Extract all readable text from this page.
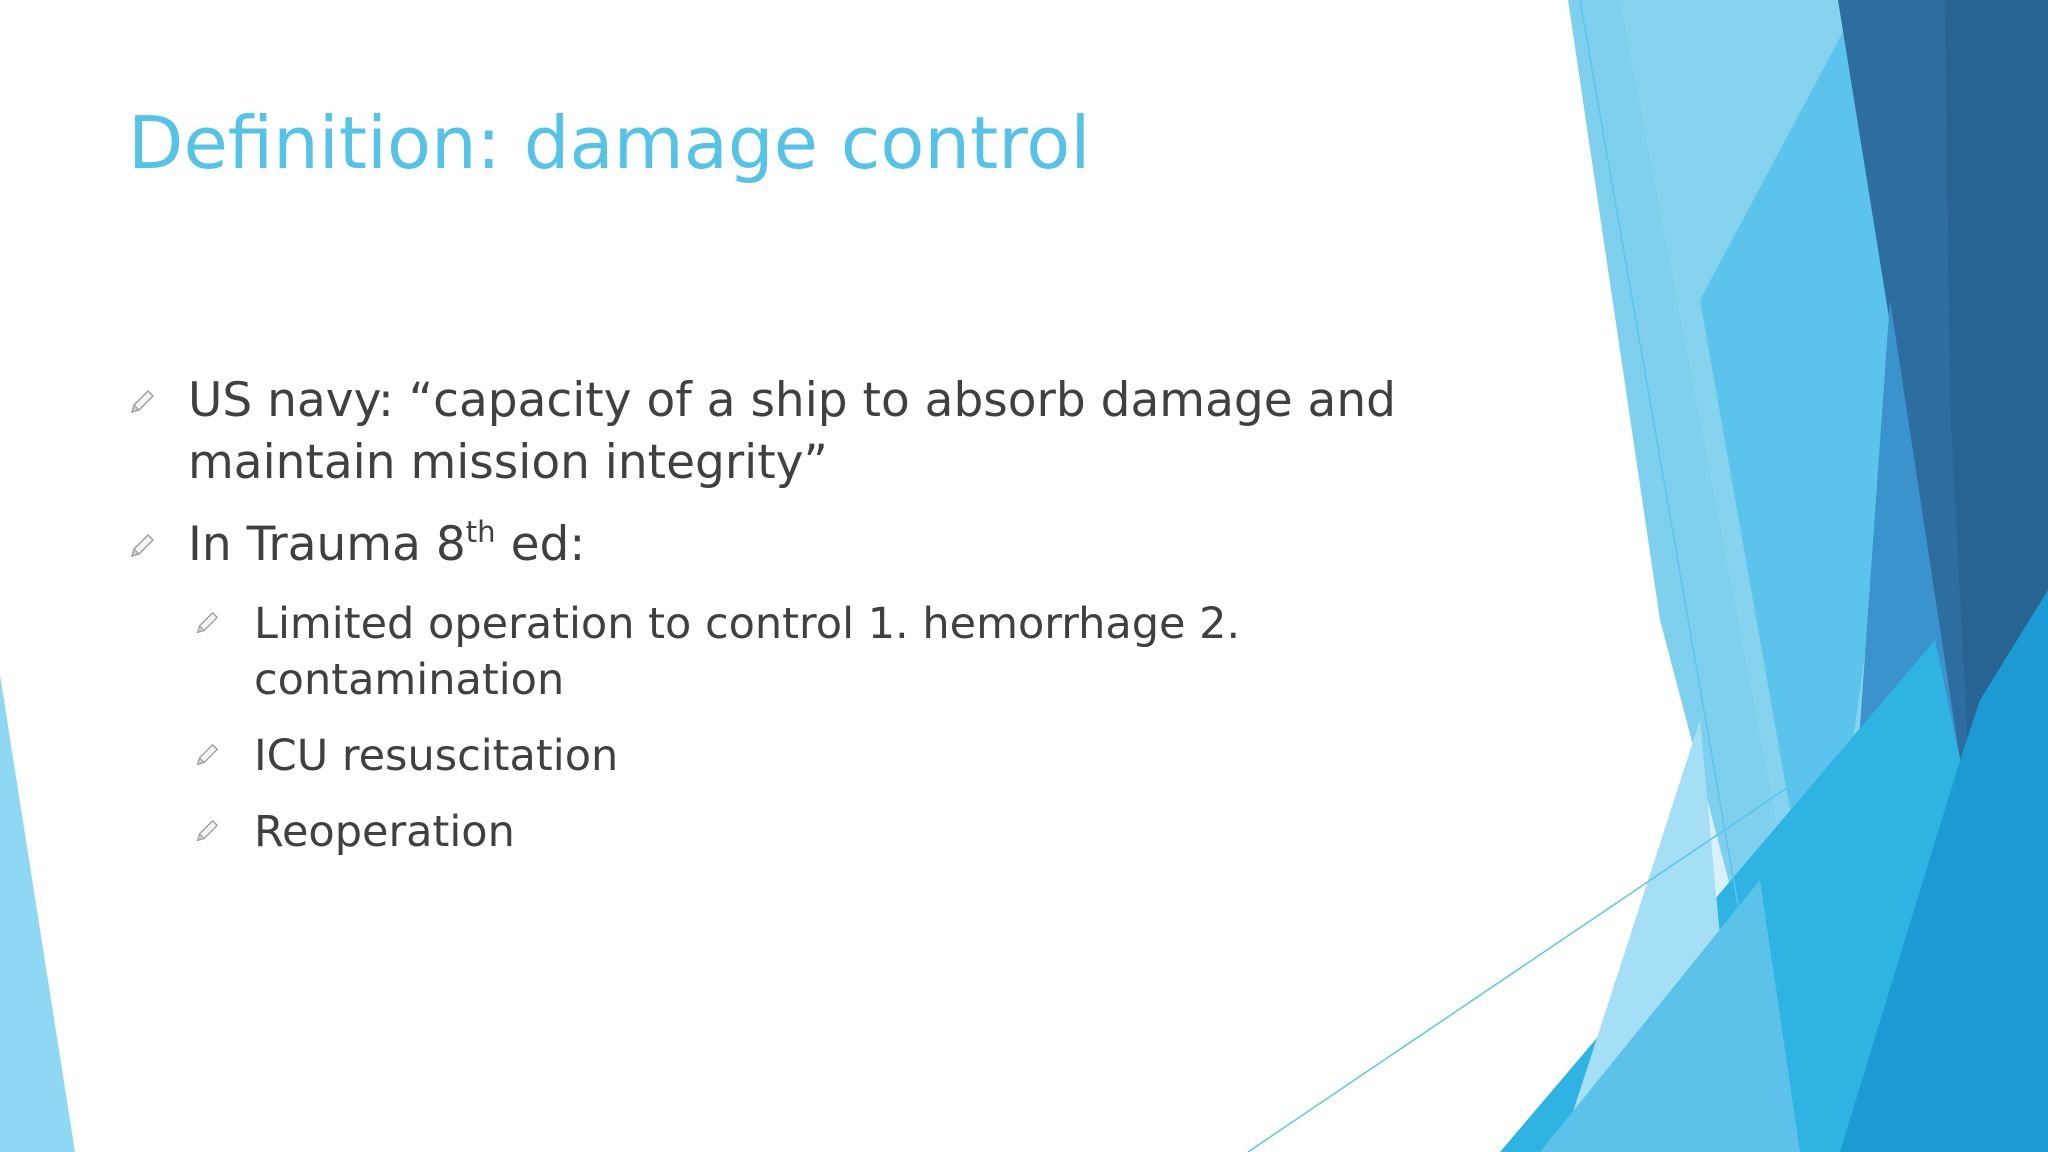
Definition: damage control
US navy: “capacity of a ship to absorb damage and maintain mission integrity”
In Trauma 8th ed:
Limited operation to control 1. hemorrhage 2. contamination
ICU resuscitation
Reoperation
